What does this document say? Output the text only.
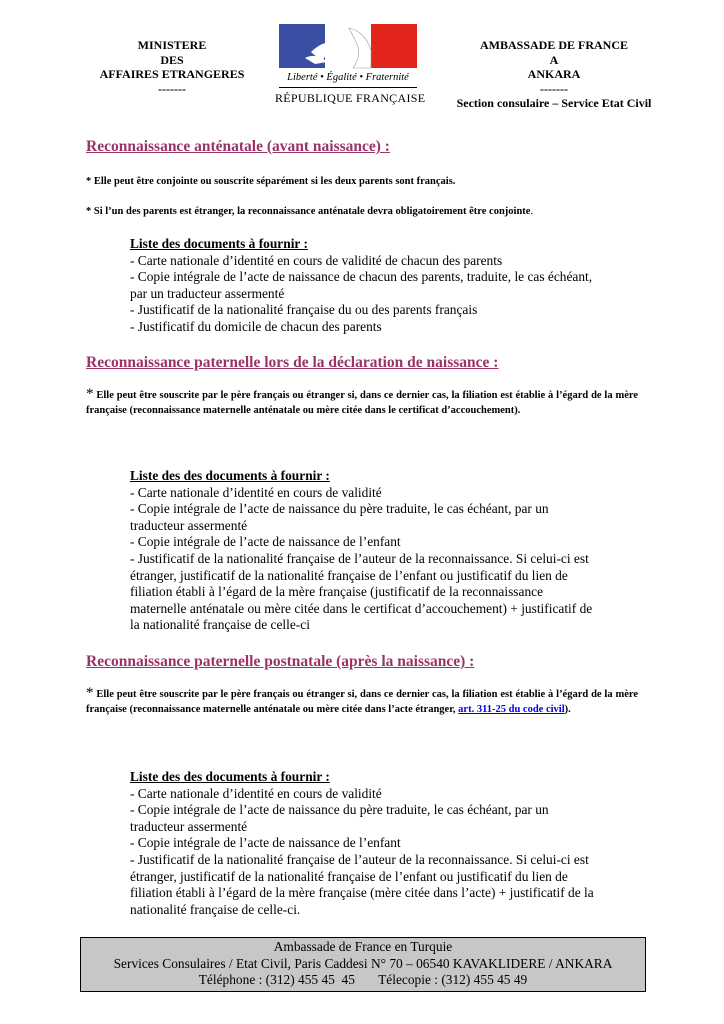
MINISTERE
DES
AFFAIRES ETRANGERES
-------
Liberté • Égalité • Fraternité
RÉPUBLIQUE FRANÇAISE
AMBASSADE DE FRANCE
A
ANKARA
-------
Section consulaire – Service Etat Civil
Reconnaissance anténatale (avant naissance) :
* Elle peut être conjointe ou souscrite séparément si les deux parents sont français.
* Si l’un des parents est étranger, la reconnaissance anténatale devra obligatoirement être conjointe.
Liste des documents à fournir :
- Carte nationale d’identité en cours de validité de chacun des parents
- Copie intégrale de l’acte de naissance de chacun des parents, traduite, le cas échéant,
par un traducteur assermenté
- Justificatif de la nationalité française du ou des parents français
- Justificatif du domicile de chacun des parents
Reconnaissance paternelle lors de la déclaration de naissance :
* Elle peut être souscrite par le père français ou étranger si, dans ce dernier cas, la filiation est établie à l’égard de la mère française (reconnaissance maternelle anténatale ou mère citée dans le certificat d’accouchement).
Liste des des documents à fournir :
- Carte nationale d’identité en cours de validité
- Copie intégrale de l’acte de naissance du père traduite, le cas échéant, par un
traducteur assermenté
- Copie intégrale de l’acte de naissance de l’enfant
- Justificatif de la nationalité française de l’auteur de la reconnaissance. Si celui-ci est
étranger, justificatif de la nationalité française de l’enfant ou justificatif du lien de
filiation établi à l’égard de la mère française (justificatif de la reconnaissance
maternelle anténatale ou mère citée dans le certificat d’accouchement) + justificatif de
la nationalité française de celle-ci
Reconnaissance paternelle postnatale (après la naissance) :
* Elle peut être souscrite par le père français ou étranger si, dans ce dernier cas, la filiation est établie à l’égard de la mère française (reconnaissance maternelle anténatale ou mère citée dans l’acte étranger, art. 311-25 du code civil).
Liste des des documents à fournir :
- Carte nationale d’identité en cours de validité
- Copie intégrale de l’acte de naissance du père traduite, le cas échéant, par un
traducteur assermenté
- Copie intégrale de l’acte de naissance de l’enfant
- Justificatif de la nationalité française de l’auteur de la reconnaissance. Si celui-ci est
étranger, justificatif de la nationalité française de l’enfant ou justificatif du lien de
filiation établi à l’égard de la mère française (mère citée dans l’acte) + justificatif de la
nationalité française de celle-ci.
Ambassade de France en Turquie
Services Consulaires / Etat Civil, Paris Caddesi N° 70 – 06540 KAVAKLIDERE / ANKARA
Téléphone : (312) 455 45  45       Télecopie : (312) 455 45 49
